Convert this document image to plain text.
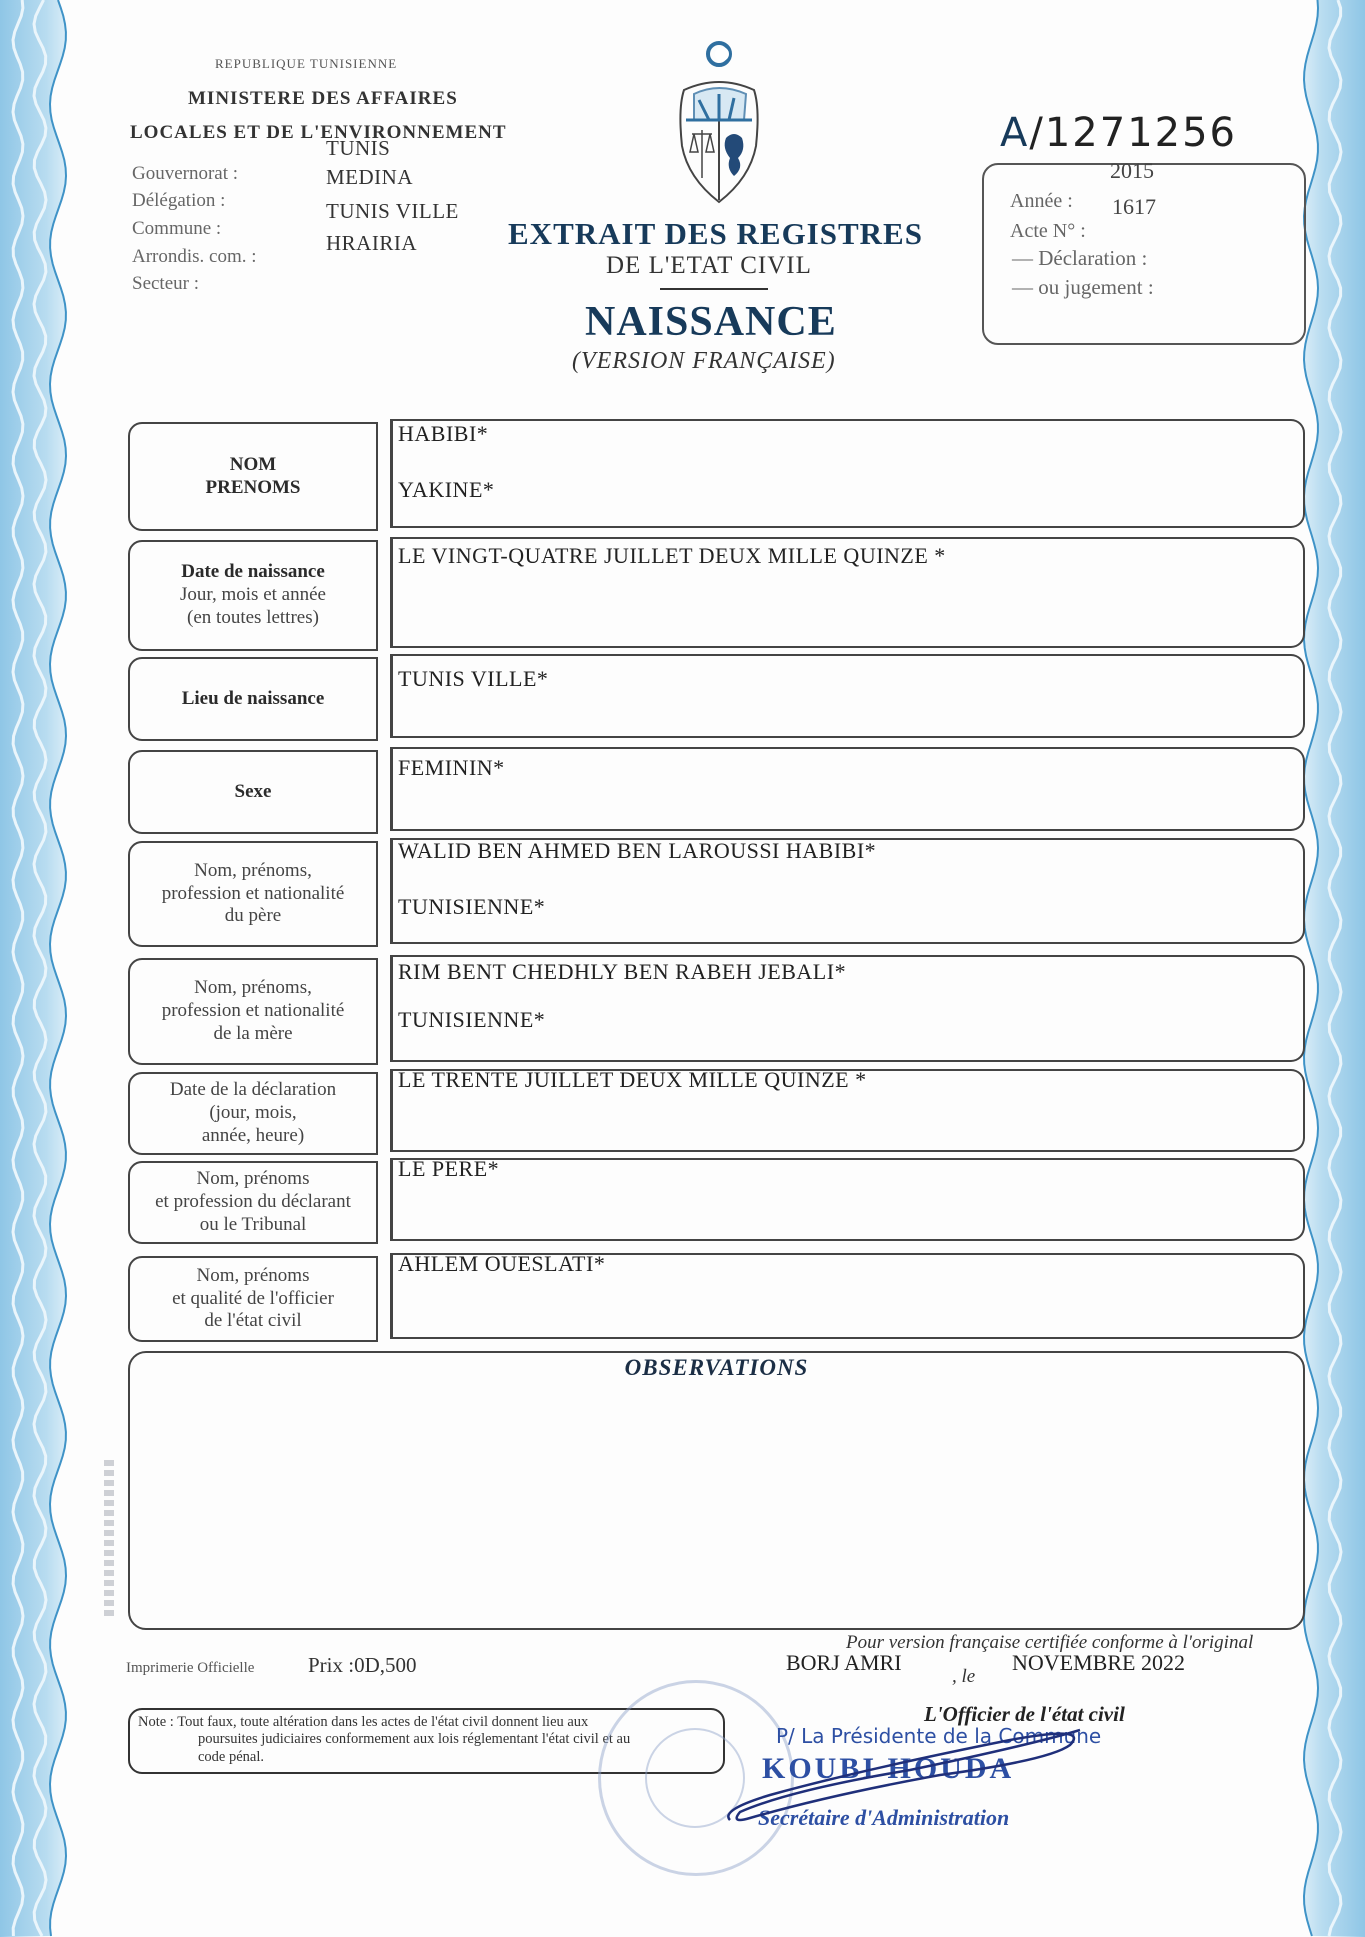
REPUBLIQUE TUNISIENNE
MINISTERE DES AFFAIRES
LOCALES ET DE L'ENVIRONNEMENT
Gouvernorat :
TUNIS
Délégation :
MEDINA
Commune :
TUNIS VILLE
Arrondis. com. :
HRAIRIA
Secteur :
EXTRAIT DES REGISTRES
DE L'ETAT CIVIL
NAISSANCE
(VERSION FRANÇAISE)
A/1271256
2015
Année : 1617
Acte N° :
— Déclaration :
— ou jugement :
NOM
PRENOMS
HABIBI*
YAKINE*
Date de naissance
Jour, mois et année
(en toutes lettres)
LE VINGT-QUATRE JUILLET DEUX MILLE QUINZE *
Lieu de naissance
TUNIS VILLE*
Sexe
FEMININ*
Nom, prénoms,
profession et nationalité
du père
WALID BEN AHMED BEN LAROUSSI HABIBI*
TUNISIENNE*
Nom, prénoms,
profession et nationalité
de la mère
RIM BENT CHEDHLY BEN RABEH JEBALI*
TUNISIENNE*
Date de la déclaration
(jour, mois,
année, heure)
LE TRENTE JUILLET DEUX MILLE QUINZE *
Nom, prénoms
et profession du déclarant
ou le Tribunal
LE PERE*
Nom, prénoms
et qualité de l'officier
de l'état civil
AHLEM OUESLATI*
OBSERVATIONS
Imprimerie Officielle	Prix :0D,500
Note : Tout faux, toute altération dans les actes de l'état civil donnent lieu aux
poursuites judiciaires conformement aux lois réglementant l'état civil et au
code pénal.
BORJ AMRI
Pour version française certifiée conforme à l'original
, le
NOVEMBRE 2022
L'Officier de l'état civil
P/ La Présidente de la Commune
KOUBI HOUDA
Secrétaire d'Administration
